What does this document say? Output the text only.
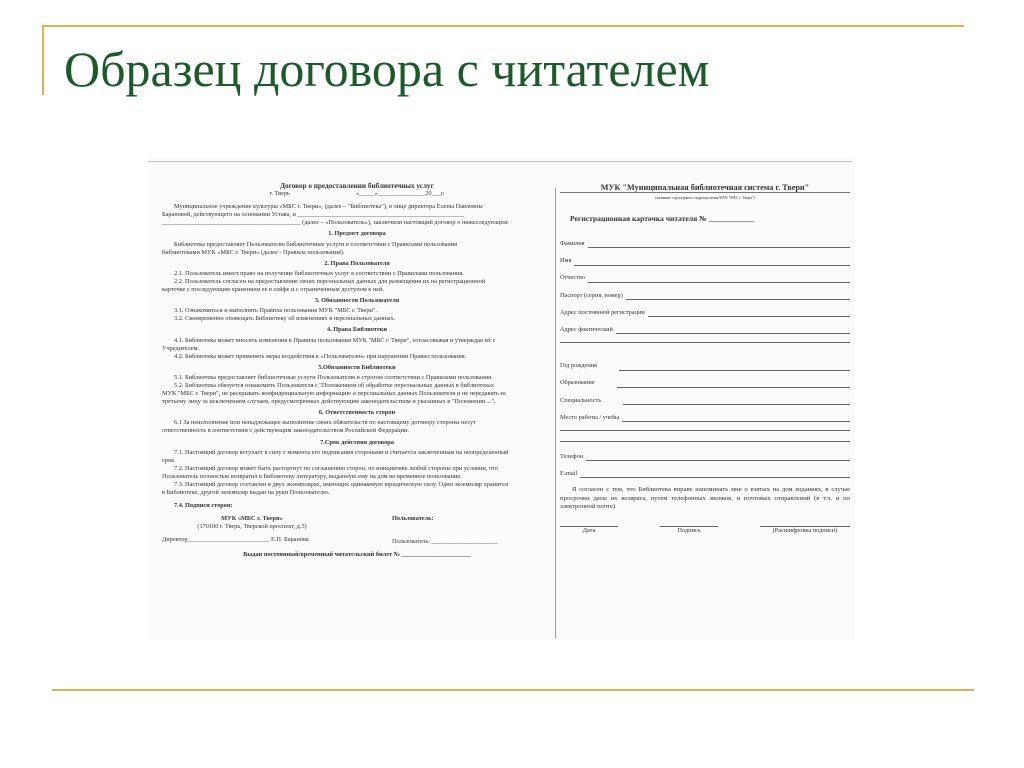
Образец договора с читателем

Договор о предоставлении библиотечных услуг

г. Тверь                                          «_____»_______________20___г.

Муниципальное учреждение культуры «МБС г. Твери», (далее – "Библиотека"), в лице директора Елены Павловны

Барановой, действующего на основании Устава, и _____________________________________________________

____________________________________________ (далее – «Пользователь»), заключили настоящий договор о нижеследующем:

1. Предмет договора

Библиотека предоставляет Пользователю библиотечные услуги в соответствии с Правилами пользования

библиотеками МУК «МБС г. Твери» (далее - Правила пользования).

2. Права Пользователя

2.1. Пользователь имеет право на получение библиотечных услуг в соответствии с Правилами пользования.

2.2. Пользователь согласен на предоставление своих персональных данных для размещения их на регистрационной

карточке с последующим хранением ее в сейфе и с ограниченным доступом к ней.

3. Обязанности Пользователя

3.1. Ознакомиться и выполнять Правила пользования МУК "МБС г. Твери".

3.2. Своевременно оповещать Библиотеку об изменениях в персональных данных.

4. Права Библиотеки

4.1. Библиотека может вносить изменения в Правила пользования МУК "МБС г. Твери", согласовывая и утверждая их с

Учредителем.

4.2. Библиотека может применять меры воздействия к «Пользователю» при нарушении Правил пользования.

5.Обязанности Библиотеки

5.1. Библиотека предоставляет библиотечные услуги Пользователю в строгом соответствии с Правилами пользования.

5.2. Библиотека обязуется ознакомить Пользователя с "Положением об обработке персональных данных в библиотеках

МУК "МБС г. Твери", не раскрывать конфиденциальную информацию о персональных данных Пользователя и не передавать ее

третьему лицу за исключением случаев, предусмотренных действующим законодательством и указанных в "Положении…".

6. Ответственность сторон

6.1 За неисполнение или ненадлежащее выполнение своих обязательств по настоящему договору стороны несут

ответственность в соответствии с действующим законодательством Российской Федерации.

7.Срок действия договора

7.1. Настоящий договор вступает в силу с момента его подписания сторонами и считается заключенным на неопределенный

срок.

7.2. Настоящий договор может быть расторгнут по соглашению сторон, по инициативе любой стороны при условии, что

Пользователь полностью возвратил в Библиотеку литературу, выданную ему на дом во временное пользование.

7.3. Настоящий договор составлен в двух экземплярах, имеющих одинаковую юридическую силу. Один экземпляр хранится

в Библиотеке, другой экземпляр выдан на руки Пользователю.

7.4. Подписи сторон:

МУК «МБС г. Твери»

(170100 г. Тверь, Тверской проспект, д.5)

Директор__________________________ Е.П. Баранова

Пользователь:

Пользователь: _____________________

Выдан постоянный/временный читательский билет № ______________________

МУК "Муниципальная библиотечная система г. Твери"

(название структурного подразделения МУК "МБС г. Твери")

Регистрационная карточка читателя № ____________

Фамилия
Имя
Отчество
Паспорт (серия, номер)
Адрес постоянной регистрации
Адрес фактический
Год рождения
Образование
Специальность
Место работы / учебы
Телефон
E-mail

Я согласен с тем, что Библиотека вправе напоминать мне о взятых на дом изданиях, в случае просрочки даты их возврата, путем телефонных звонков, и почтовых отправлений (в т.ч. и по электронной почте)

Дата	Подпись	(Расшифровка подписи)
